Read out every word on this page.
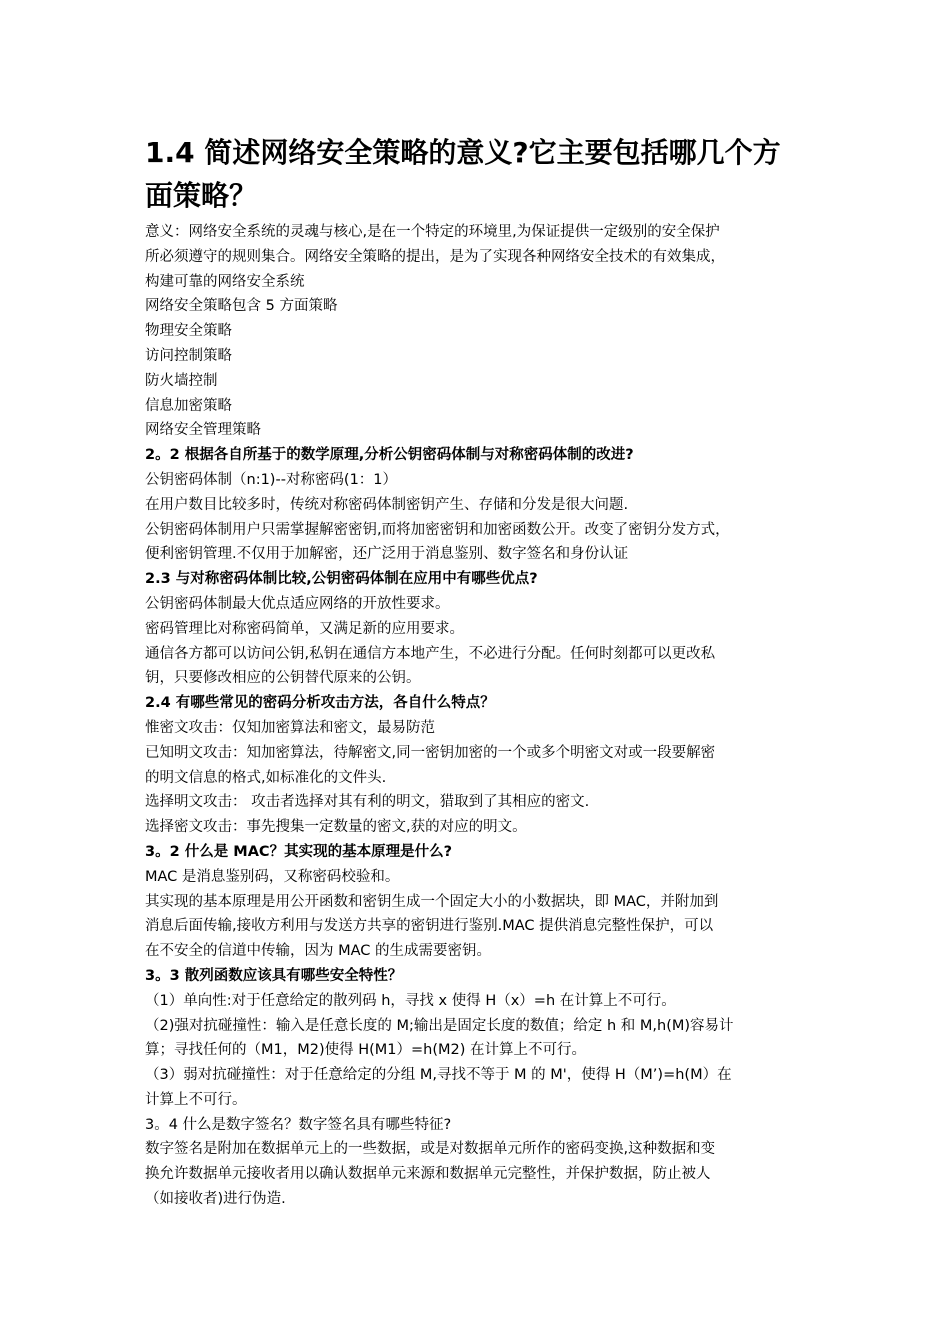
1.4 简述网络安全策略的意义?它主要包括哪几个方
面策略？

意义：网络安全系统的灵魂与核心,是在一个特定的环境里,为保证提供一定级别的安全保护

所必须遵守的规则集合。网络安全策略的提出，是为了实现各种网络安全技术的有效集成，

构建可靠的网络安全系统

网络安全策略包含 5 方面策略

物理安全策略

访问控制策略

防火墙控制

信息加密策略

网络安全管理策略

2。2 根据各自所基于的数学原理,分析公钥密码体制与对称密码体制的改进?

公钥密码体制（n:1)--对称密码(1：1）

在用户数目比较多时，传统对称密码体制密钥产生、存储和分发是很大问题.

公钥密码体制用户只需掌握解密密钥,而将加密密钥和加密函数公开。改变了密钥分发方式，

便利密钥管理.不仅用于加解密，还广泛用于消息鉴别、数字签名和身份认证

2.3 与对称密码体制比较,公钥密码体制在应用中有哪些优点?

公钥密码体制最大优点适应网络的开放性要求。

密码管理比对称密码简单，又满足新的应用要求。

通信各方都可以访问公钥,私钥在通信方本地产生，不必进行分配。任何时刻都可以更改私

钥，只要修改相应的公钥替代原来的公钥。

2.4 有哪些常见的密码分析攻击方法，各自什么特点？

惟密文攻击：仅知加密算法和密文，最易防范

已知明文攻击：知加密算法，待解密文,同一密钥加密的一个或多个明密文对或一段要解密

的明文信息的格式,如标准化的文件头.

选择明文攻击： 攻击者选择对其有利的明文，猎取到了其相应的密文.

选择密文攻击：事先搜集一定数量的密文,获的对应的明文。

3。2 什么是 MAC？其实现的基本原理是什么?

MAC 是消息鉴别码，又称密码校验和。

其实现的基本原理是用公开函数和密钥生成一个固定大小的小数据块，即 MAC，并附加到

消息后面传输,接收方利用与发送方共享的密钥进行鉴别.MAC 提供消息完整性保护，可以

在不安全的信道中传输，因为 MAC 的生成需要密钥。

3。3 散列函数应该具有哪些安全特性？

（1）单向性:对于任意给定的散列码 h，寻找 x 使得 H（x）=h 在计算上不可行。

（2)强对抗碰撞性：输入是任意长度的 M;输出是固定长度的数值；给定 h 和 M,h(M)容易计

算；寻找任何的（M1，M2)使得 H(M1）=h(M2) 在计算上不可行。

（3）弱对抗碰撞性：对于任意给定的分组 M,寻找不等于 M 的 M'，使得 H（M’)=h(M）在

计算上不可行。

3。4 什么是数字签名？数字签名具有哪些特征?

数字签名是附加在数据单元上的一些数据，或是对数据单元所作的密码变换,这种数据和变

换允许数据单元接收者用以确认数据单元来源和数据单元完整性，并保护数据，防止被人

（如接收者)进行伪造.
